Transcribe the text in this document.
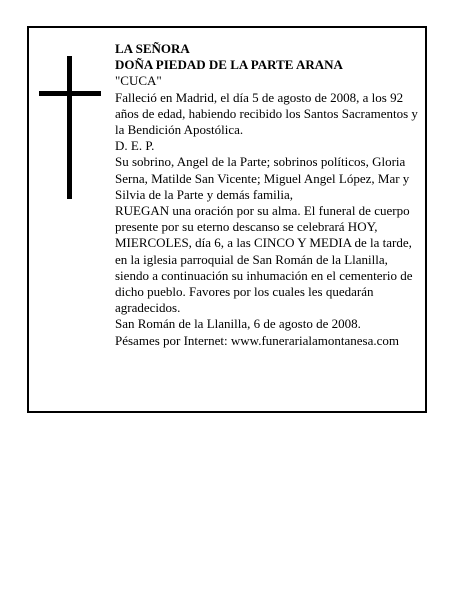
LA SEÑORA

DOÑA PIEDAD DE LA PARTE ARANA

"CUCA"

Falleció en Madrid, el día 5 de agosto de 2008, a los 92 años de edad, habiendo recibido los Santos Sacramentos y la Bendición Apostólica.

D. E. P.

Su sobrino, Angel de la Parte; sobrinos políticos, Gloria Serna, Matilde San Vicente; Miguel Angel López, Mar y Silvia de la Parte y demás familia,

RUEGAN una oración por su alma. El funeral de cuerpo presente por su eterno descanso se celebrará HOY, MIERCOLES, día 6, a las CINCO Y MEDIA de la tarde, en la iglesia parroquial de San Román de la Llanilla, siendo a continuación su inhumación en el cementerio de dicho pueblo. Favores por los cuales les quedarán agradecidos.

San Román de la Llanilla, 6 de agosto de 2008.

Pésames por Internet: www.funerarialamontanesa.com
